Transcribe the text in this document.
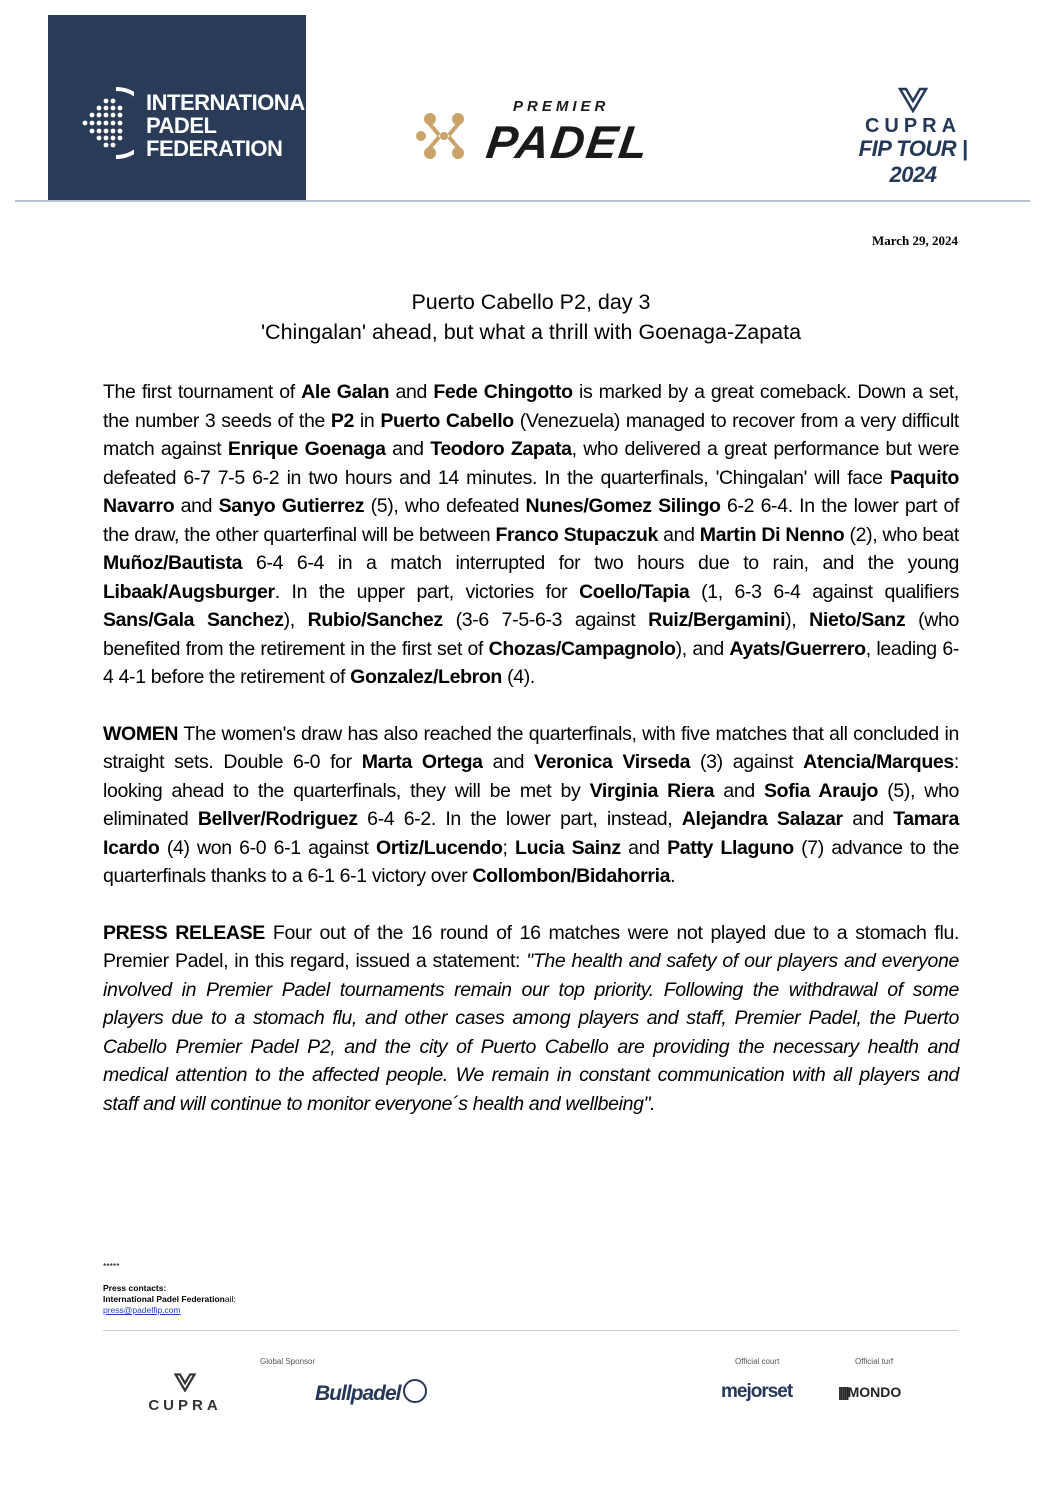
INTERNATIONAL
PADEL
FEDERATION
PREMIER
PADEL	CUPRA
FIP TOUR | 2024
March 29, 2024
Puerto Cabello P2, day 3
'Chingalan' ahead, but what a thrill with Goenaga-Zapata

The first tournament of Ale Galan and Fede Chingotto is marked by a great comeback. Down a set, the number 3 seeds of the P2 in Puerto Cabello (Venezuela) managed to recover from a very difficult match against Enrique Goenaga and Teodoro Zapata, who delivered a great performance but were defeated 6-7 7-5 6-2 in two hours and 14 minutes. In the quarterfinals, 'Chingalan' will face Paquito Navarro and Sanyo Gutierrez (5), who defeated Nunes/Gomez Silingo 6-2 6-4. In the lower part of the draw, the other quarterfinal will be between Franco Stupaczuk and Martin Di Nenno (2), who beat Muñoz/Bautista 6-4 6-4 in a match interrupted for two hours due to rain, and the young Libaak/Augsburger. In the upper part, victories for Coello/Tapia (1, 6-3 6-4 against qualifiers Sans/Gala Sanchez), Rubio/Sanchez (3-6 7-5-6-3 against Ruiz/Bergamini), Nieto/Sanz (who benefited from the retirement in the first set of Chozas/Campagnolo), and Ayats/Guerrero, leading 6-4 4-1 before the retirement of Gonzalez/Lebron (4).

WOMEN The women's draw has also reached the quarterfinals, with five matches that all concluded in straight sets. Double 6-0 for Marta Ortega and Veronica Virseda (3) against Atencia/Marques: looking ahead to the quarterfinals, they will be met by Virginia Riera and Sofia Araujo (5), who eliminated Bellver/Rodriguez 6-4 6-2. In the lower part, instead, Alejandra Salazar and Tamara Icardo (4) won 6-0 6-1 against Ortiz/Lucendo; Lucia Sainz and Patty Llaguno (7) advance to the quarterfinals thanks to a 6-1 6-1 victory over Collombon/Bidahorria.

PRESS RELEASE Four out of the 16 round of 16 matches were not played due to a stomach flu. Premier Padel, in this regard, issued a statement: "The health and safety of our players and everyone involved in Premier Padel tournaments remain our top priority. Following the withdrawal of some players due to a stomach flu, and other cases among players and staff, Premier Padel, the Puerto Cabello Premier Padel P2, and the city of Puerto Cabello are providing the necessary health and medical attention to the affected people. We remain in constant communication with all players and staff and will continue to monitor everyone´s health and wellbeing".

*****
Press contacts:
International Padel Federationail:
press@padelfip.com
Global Sponsor	Official court	Official turf
CUPRA
Bullpadel	mejorset	|||||MONDO
